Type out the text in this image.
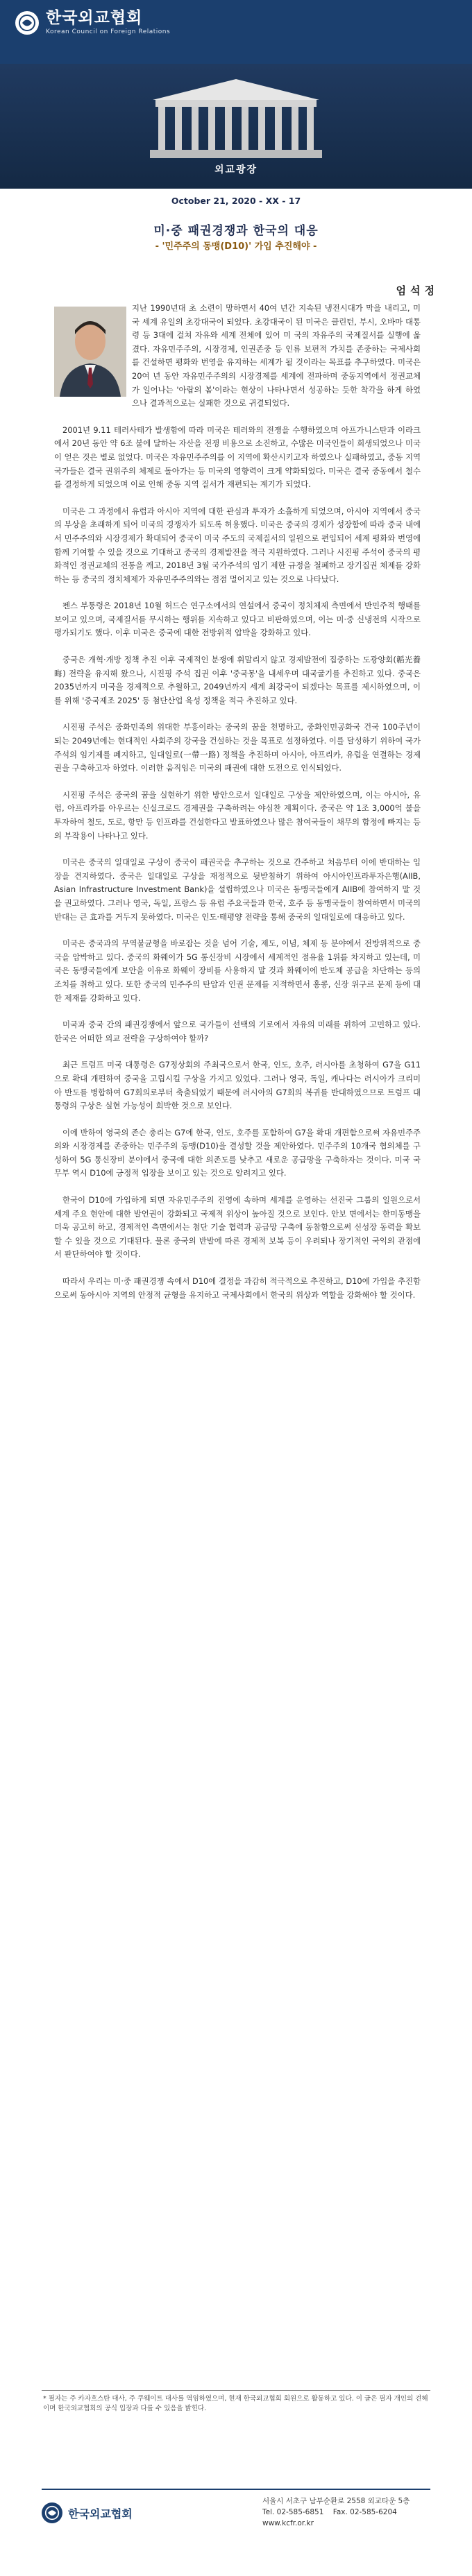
한국외교협회
Korean Council on Foreign Relations
외교광장
October 21, 2020 - XX - 17
미·중 패권경쟁과 한국의 대응
- '민주주의 동맹(D10)' 가입 추진해야 -
엄석정

지난 1990년대 초 소련이 망하면서 40여 년간 지속된 냉전시대가 막을 내리고, 미국 세계 유일의 초강대국이 되었다. 초강대국이 된 미국은 클린턴, 부시, 오바마 대통령 등 3대에 걸쳐 자유와 세계 전체에 있어 미 국의 자유주의 국제질서를 실행에 옮겼다. 자유민주주의, 시장경제, 인권존중 등 인류 보편적 가치를 존중하는 국제사회를 건설하면 평화와 번영을 유지하는 세계가 될 것이라는 목표를 추구하였다. 미국은 20여 년 동안 자유민주주의의 시장경제를 세계에 전파하며 중동지역에서 정권교체가 일어나는 '아랍의 봄'이라는 현상이 나타나면서 성공하는 듯한 착각을 하게 하였으나 결과적으로는 실패한 것으로 귀결되었다.

2001년 9.11 테러사태가 발생함에 따라 미국은 테러와의 전쟁을 수행하였으며 아프가니스탄과 이라크에서 20년 동안 약 6조 불에 달하는 자산을 전쟁 비용으로 소진하고, 수많은 미국인들이 희생되었으나 미국이 얻은 것은 별로 없었다. 미국은 자유민주주의를 이 지역에 확산시키고자 하였으나 실패하였고, 중동 지역 국가들은 결국 권위주의 체제로 돌아가는 등 미국의 영향력이 크게 약화되었다. 미국은 결국 중동에서 철수를 결정하게 되었으며 이로 인해 중동 지역 질서가 재편되는 계기가 되었다.

미국은 그 과정에서 유럽과 아시아 지역에 대한 관심과 투자가 소홀하게 되었으며, 아시아 지역에서 중국의 부상을 초래하게 되어 미국의 경쟁자가 되도록 허용했다. 미국은 중국의 경제가 성장함에 따라 중국 내에서 민주주의와 시장경제가 확대되어 중국이 미국 주도의 국제질서의 일원으로 편입되어 세계 평화와 번영에 함께 기여할 수 있을 것으로 기대하고 중국의 경제발전을 적극 지원하였다. 그러나 시진핑 주석이 중국의 평화적인 정권교체의 전통을 깨고, 2018년 3월 국가주석의 임기 제한 규정을 철폐하고 장기집권 체제를 강화하는 등 중국의 정치체제가 자유민주주의와는 점점 멀어지고 있는 것으로 나타났다.

펜스 부통령은 2018년 10월 허드슨 연구소에서의 연설에서 중국이 정치체제 측면에서 반민주적 행태를 보이고 있으며, 국제질서를 무시하는 행위를 지속하고 있다고 비판하였으며, 이는 미·중 신냉전의 시작으로 평가되기도 했다. 이후 미국은 중국에 대한 전방위적 압박을 강화하고 있다.

중국은 개혁·개방 정책 추진 이후 국제적인 분쟁에 휘말리지 않고 경제발전에 집중하는 도광양회(韜光養晦) 전략을 유지해 왔으나, 시진핑 주석 집권 이후 '중국몽'을 내세우며 대국굴기를 추진하고 있다. 중국은 2035년까지 미국을 경제적으로 추월하고, 2049년까지 세계 최강국이 되겠다는 목표를 제시하였으며, 이를 위해 '중국제조 2025' 등 첨단산업 육성 정책을 적극 추진하고 있다.

시진핑 주석은 중화민족의 위대한 부흥이라는 중국의 꿈을 천명하고, 중화인민공화국 건국 100주년이 되는 2049년에는 현대적인 사회주의 강국을 건설하는 것을 목표로 설정하였다. 이를 달성하기 위하여 국가주석의 임기제를 폐지하고, 일대일로(一帶一路) 정책을 추진하며 아시아, 아프리카, 유럽을 연결하는 경제권을 구축하고자 하였다. 이러한 움직임은 미국의 패권에 대한 도전으로 인식되었다.

시진핑 주석은 중국의 꿈을 실현하기 위한 방안으로서 일대일로 구상을 제안하였으며, 이는 아시아, 유럽, 아프리카를 아우르는 신실크로드 경제권을 구축하려는 야심찬 계획이다. 중국은 약 1조 3,000억 불을 투자하여 철도, 도로, 항만 등 인프라를 건설한다고 발표하였으나 많은 참여국들이 채무의 함정에 빠지는 등의 부작용이 나타나고 있다.

미국은 중국의 일대일로 구상이 중국이 패권국을 추구하는 것으로 간주하고 처음부터 이에 반대하는 입장을 견지하였다. 중국은 일대일로 구상을 재정적으로 뒷받침하기 위하여 아시아인프라투자은행(AIIB, Asian Infrastructure Investment Bank)을 설립하였으나 미국은 동맹국들에게 AIIB에 참여하지 말 것을 권고하였다. 그러나 영국, 독일, 프랑스 등 유럽 주요국들과 한국, 호주 등 동맹국들이 참여하면서 미국의 반대는 큰 효과를 거두지 못하였다. 미국은 인도·태평양 전략을 통해 중국의 일대일로에 대응하고 있다.

미국은 중국과의 무역불균형을 바로잡는 것을 넘어 기술, 제도, 이념, 체제 등 분야에서 전방위적으로 중국을 압박하고 있다. 중국의 화웨이가 5G 통신장비 시장에서 세계적인 점유율 1위를 차지하고 있는데, 미국은 동맹국들에게 보안을 이유로 화웨이 장비를 사용하지 말 것과 화웨이에 반도체 공급을 차단하는 등의 조치를 취하고 있다. 또한 중국의 민주주의 탄압과 인권 문제를 지적하면서 홍콩, 신장 위구르 문제 등에 대한 제재를 강화하고 있다.

미국과 중국 간의 패권경쟁에서 앞으로 국가들이 선택의 기로에서 자유의 미래를 위하여 고민하고 있다. 한국은 어떠한 외교 전략을 구상하여야 할까?

최근 트럼프 미국 대통령은 G7정상회의 주최국으로서 한국, 인도, 호주, 러시아를 초청하여 G7을 G11으로 확대 개편하여 중국을 고립시킬 구상을 가지고 있었다. 그러나 영국, 독일, 캐나다는 러시아가 크리미아 반도를 병합하여 G7회의로부터 축출되었기 때문에 러시아의 G7회의 복귀를 반대하였으므로 트럼프 대통령의 구상은 실현 가능성이 희박한 것으로 보인다.

이에 반하여 영국의 존슨 총리는 G7에 한국, 인도, 호주를 포함하여 G7을 확대 개편함으로써 자유민주주의와 시장경제를 존중하는 민주주의 동맹(D10)을 결성할 것을 제안하였다. 민주주의 10개국 협의체를 구성하여 5G 통신장비 분야에서 중국에 대한 의존도를 낮추고 새로운 공급망을 구축하자는 것이다. 미국 국무부 역시 D10에 긍정적 입장을 보이고 있는 것으로 알려지고 있다.

한국이 D10에 가입하게 되면 자유민주주의 진영에 속하며 세계를 운영하는 선진국 그룹의 일원으로서 세계 주요 현안에 대한 발언권이 강화되고 국제적 위상이 높아질 것으로 보인다. 안보 면에서는 한미동맹을 더욱 공고히 하고, 경제적인 측면에서는 첨단 기술 협력과 공급망 구축에 동참함으로써 신성장 동력을 확보할 수 있을 것으로 기대된다. 물론 중국의 반발에 따른 경제적 보복 등이 우려되나 장기적인 국익의 관점에서 판단하여야 할 것이다.

따라서 우리는 미·중 패권경쟁 속에서 D10에 결정을 과감히 적극적으로 추진하고, D10에 가입을 추진함으로써 동아시아 지역의 안정적 균형을 유지하고 국제사회에서 한국의 위상과 역할을 강화해야 할 것이다.

* 필자는 주 카자흐스탄 대사, 주 쿠웨이트 대사를 역임하였으며, 현재 한국외교협회 회원으로 활동하고 있다. 이 글은 필자 개인의 견해이며 한국외교협회의 공식 입장과 다를 수 있음을 밝힌다.
한국외교협회
서울시 서초구 남부순환로 2558 외교타운 5층
Tel. 02-585-6851 Fax. 02-585-6204
www.kcfr.or.kr
